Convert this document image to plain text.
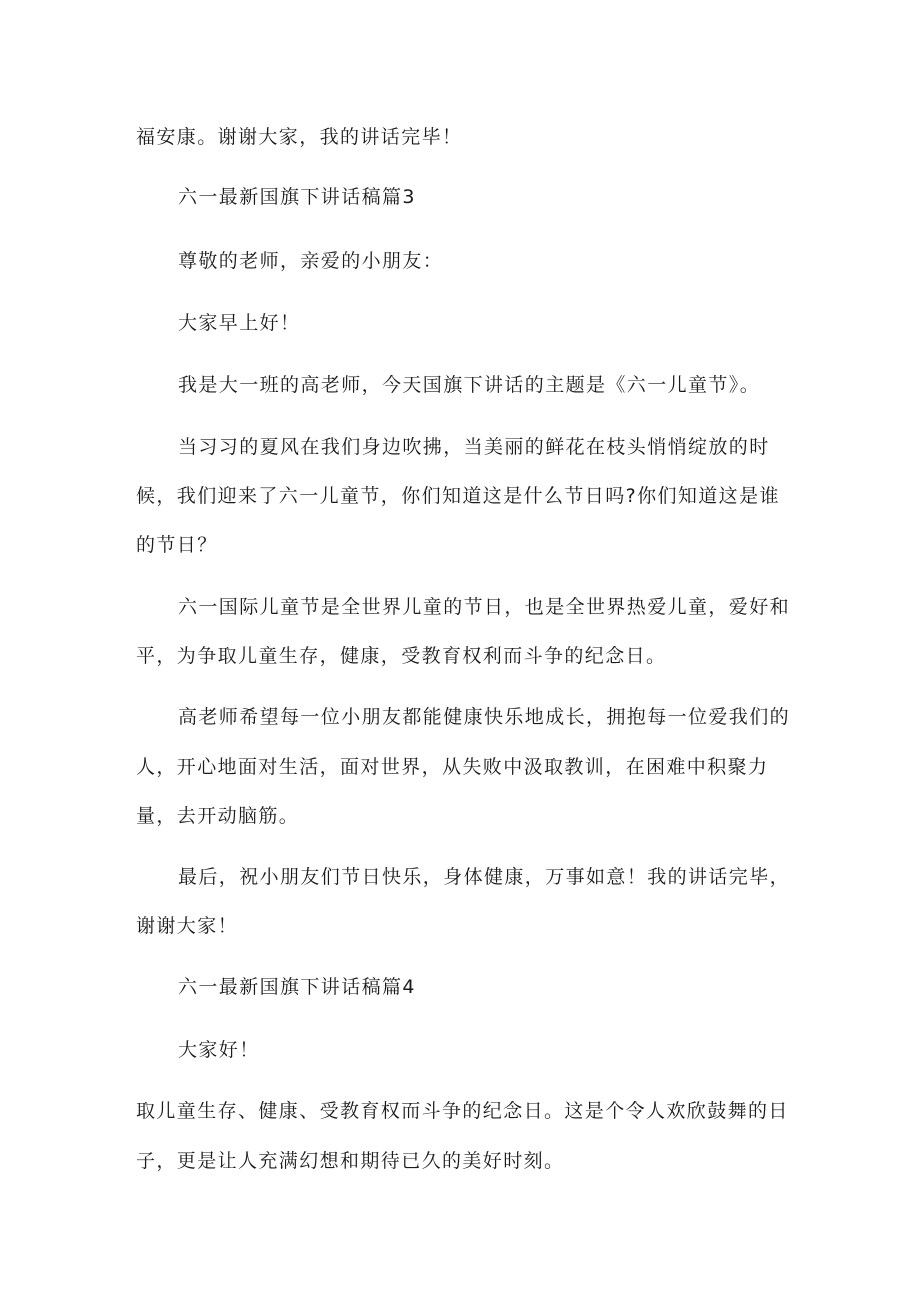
福安康。谢谢大家，我的讲话完毕！
六一最新国旗下讲话稿篇3
尊敬的老师，亲爱的小朋友：
大家早上好！
我是大一班的高老师，今天国旗下讲话的主题是《六一儿童节》。
当习习的夏风在我们身边吹拂，当美丽的鲜花在枝头悄悄绽放的时
候，我们迎来了六一儿童节，你们知道这是什么节日吗?你们知道这是谁
的节日？
六一国际儿童节是全世界儿童的节日，也是全世界热爱儿童，爱好和
平，为争取儿童生存，健康，受教育权利而斗争的纪念日。
高老师希望每一位小朋友都能健康快乐地成长，拥抱每一位爱我们的
人，开心地面对生活，面对世界，从失败中汲取教训，在困难中积聚力
量，去开动脑筋。
最后，祝小朋友们节日快乐，身体健康，万事如意！我的讲话完毕，
谢谢大家！
六一最新国旗下讲话稿篇4
大家好！
取儿童生存、健康、受教育权而斗争的纪念日。这是个令人欢欣鼓舞的日
子，更是让人充满幻想和期待已久的美好时刻。
